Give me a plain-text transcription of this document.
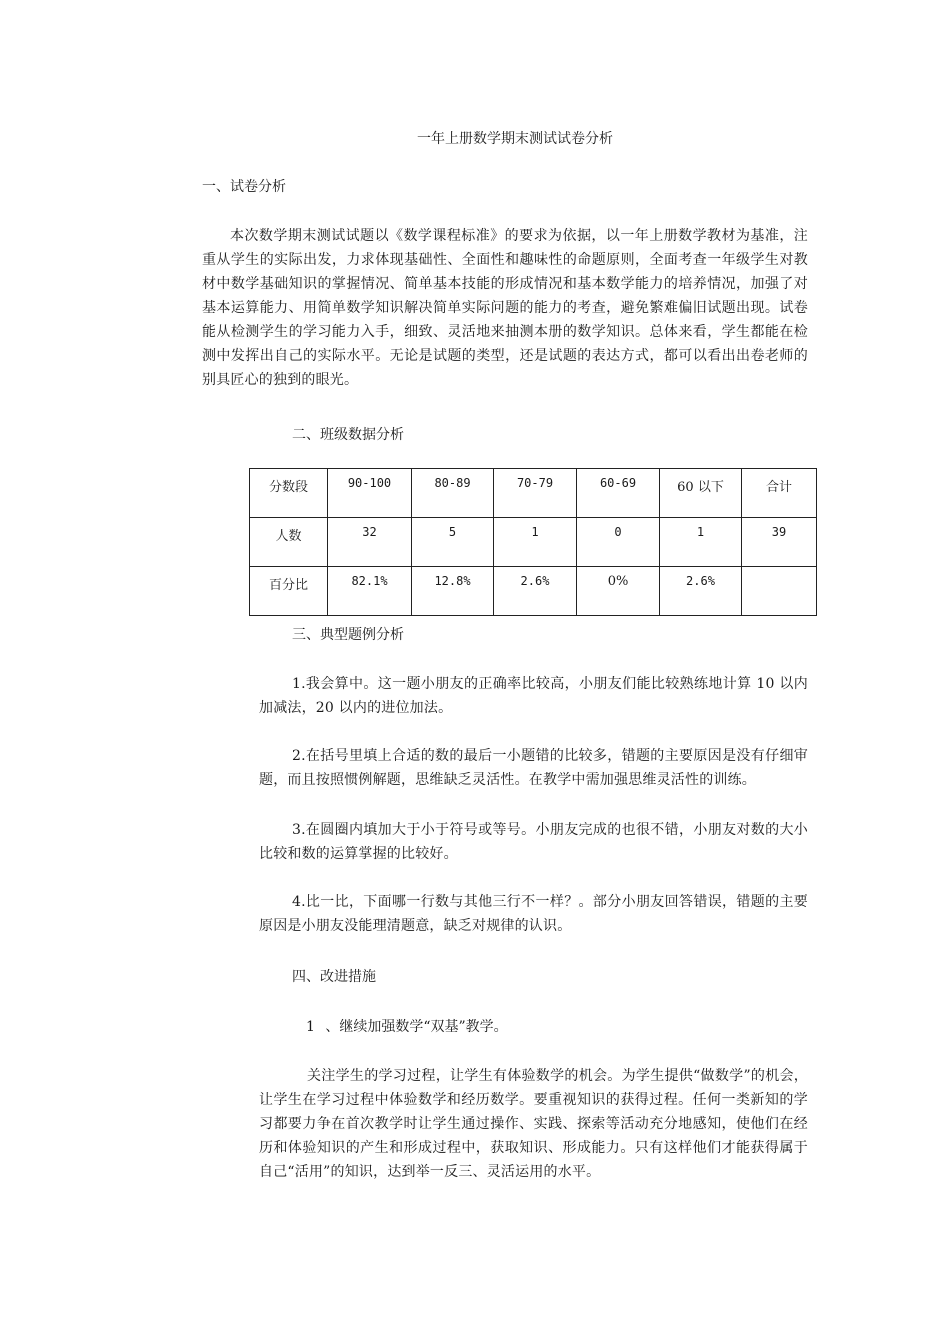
一年上册数学期末测试试卷分析
一、试卷分析
本次数学期末测试试题以《数学课程标准》的要求为依据，以一年上册数学教材为基准，注重从学生的实际出发，力求体现基础性、全面性和趣味性的命题原则，全面考查一年级学生对教材中数学基础知识的掌握情况、简单基本技能的形成情况和基本数学能力的培养情况，加强了对基本运算能力、用简单数学知识解决简单实际问题的能力的考查，避免繁难偏旧试题出现。试卷能从检测学生的学习能力入手，细致、灵活地来抽测本册的数学知识。总体来看，学生都能在检测中发挥出自己的实际水平。无论是试题的类型，还是试题的表达方式，都可以看出出卷老师的别具匠心的独到的眼光。
二、班级数据分析
分数段	90-100	80-89	70-79	60-69	60 以下	合计
人数	32	5	1	0	1	39
百分比	82.1%	12.8%	2.6%	0%	2.6%	
三、典型题例分析
1.我会算中。这一题小朋友的正确率比较高，小朋友们能比较熟练地计算 10 以内加减法，20 以内的进位加法。
2.在括号里填上合适的数的最后一小题错的比较多，错题的主要原因是没有仔细审题，而且按照惯例解题，思维缺乏灵活性。在教学中需加强思维灵活性的训练。
3.在圆圈内填加大于小于符号或等号。小朋友完成的也很不错，小朋友对数的大小比较和数的运算掌握的比较好。
4.比一比，下面哪一行数与其他三行不一样？。部分小朋友回答错误，错题的主要原因是小朋友没能理清题意，缺乏对规律的认识。
四、改进措施
1 、继续加强数学“双基”教学。
关注学生的学习过程，让学生有体验数学的机会。为学生提供“做数学”的机会，让学生在学习过程中体验数学和经历数学。要重视知识的获得过程。任何一类新知的学习都要力争在首次教学时让学生通过操作、实践、探索等活动充分地感知，使他们在经历和体验知识的产生和形成过程中，获取知识、形成能力。只有这样他们才能获得属于自己“活用”的知识，达到举一反三、灵活运用的水平。
